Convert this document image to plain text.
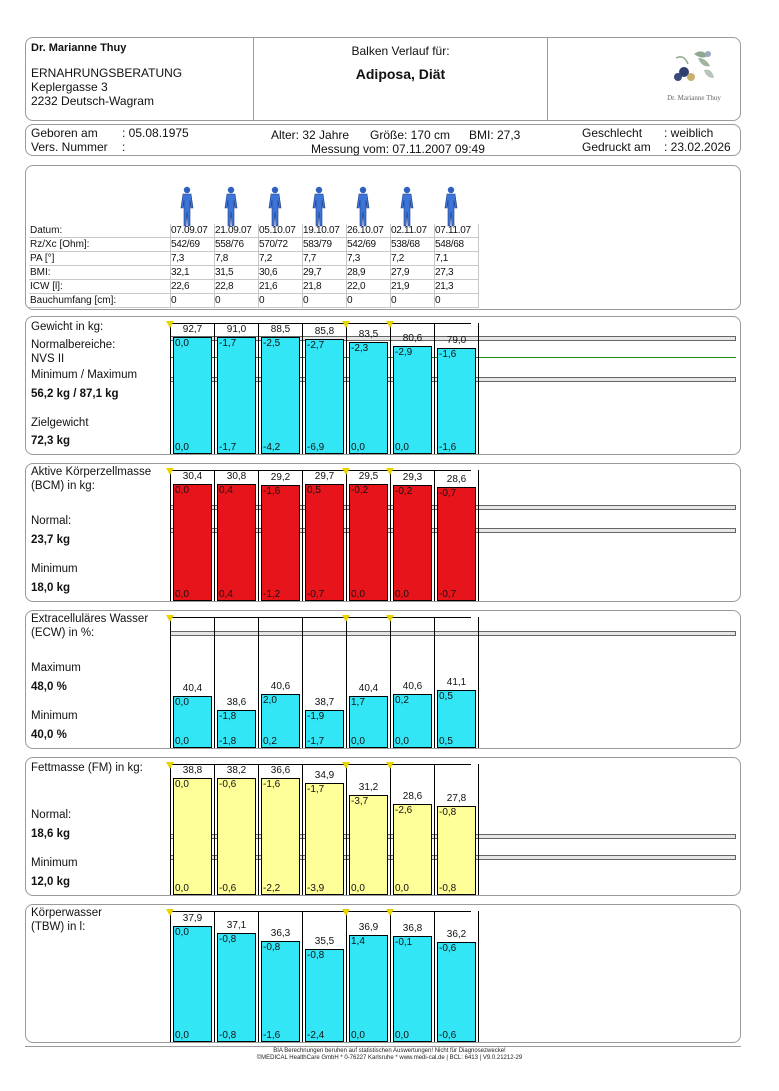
Dr. Marianne Thuy
ERNAHRUNGSBERATUNG
Keplergasse 3
2232 Deutsch-Wagram
Balken Verlauf für:
Adiposa, Diät
Dr. Marianne Thuy
Geboren am : 05.08.1975
Vers. Nummer :
Alter: 32 Jahre Größe: 170 cm BMI: 27,3
Messung vom: 07.11.2007 09:49
Geschlecht : weiblich
Gedruckt am : 23.02.2026
Datum:	07.09.07 21.09.07 05.10.07 19.10.07 26.10.07 02.11.07 07.11.07
Rz/Xc [Ohm]:	542/69 558/76 570/72 583/79 542/69 538/68 548/68
PA [°]	7,3	7,8	7,2	7,7	7,3	7,2	7,1
BMI:	32,1	31,5	30,6	29,7	28,9	27,9	27,3
ICW [l]:	22,6	22,8	21,6	21,8	22,0	21,9	21,3
Bauchumfang [cm]:	0	0	0	0	0	0	0
Gewicht in kg:
Normalbereiche:
NVS II
Minimum / Maximum
56,2 kg / 87,1 kg
Zielgewicht
72,3 kg
92,7
0,0
0,0
91,0
-1,7
-1,7
88,5
-2,5
-4,2
85,8
-2,7
-6,9
83,5
-2,3
0,0
80,6
-2,9
0,0
79,0
-1,6
-1,6
Aktive Körperzellmasse
(BCM) in kg:
Normal:
23,7 kg
Minimum
18,0 kg
30,4
0,0
0,0
30,8
0,4
0,4
29,2
-1,6
-1,2
29,7
0,5
-0,7
29,5
-0,2
0,0
29,3
-0,2
0,0
28,6
-0,7
-0,7
Extracelluläres Wasser
(ECW) in %:
Maximum
48,0 %
Minimum
40,0 %
40,4
0,0
0,0
38,6
-1,8
-1,8
40,6
2,0
0,2
38,7
-1,9
-1,7
40,4
1,7
0,0
40,6
0,2
0,0
41,1
0,5
0,5
Fettmasse (FM) in kg:
Normal:
18,6 kg
Minimum
12,0 kg
38,8
0,0
0,0
38,2
-0,6
-0,6
36,6
-1,6
-2,2
34,9
-1,7
-3,9
31,2
-3,7
0,0
28,6
-2,6
0,0
27,8
-0,8
-0,8
Körperwasser
(TBW) in l:
37,9
0,0
0,0
37,1
-0,8
-0,8
36,3
-0,8
-1,6
35,5
-0,8
-2,4
36,9
1,4
0,0
36,8
-0,1
0,0
36,2
-0,6
-0,6
BIA Berechnungen beruhen auf statistischen Auswertungen! Nicht für Diagnosezwecke!
©MEDICAL HealthCare GmbH * 0-76227 Karlsruhe * www.medi-cal.de | BCL: 6413 | V9.0.21212-29
